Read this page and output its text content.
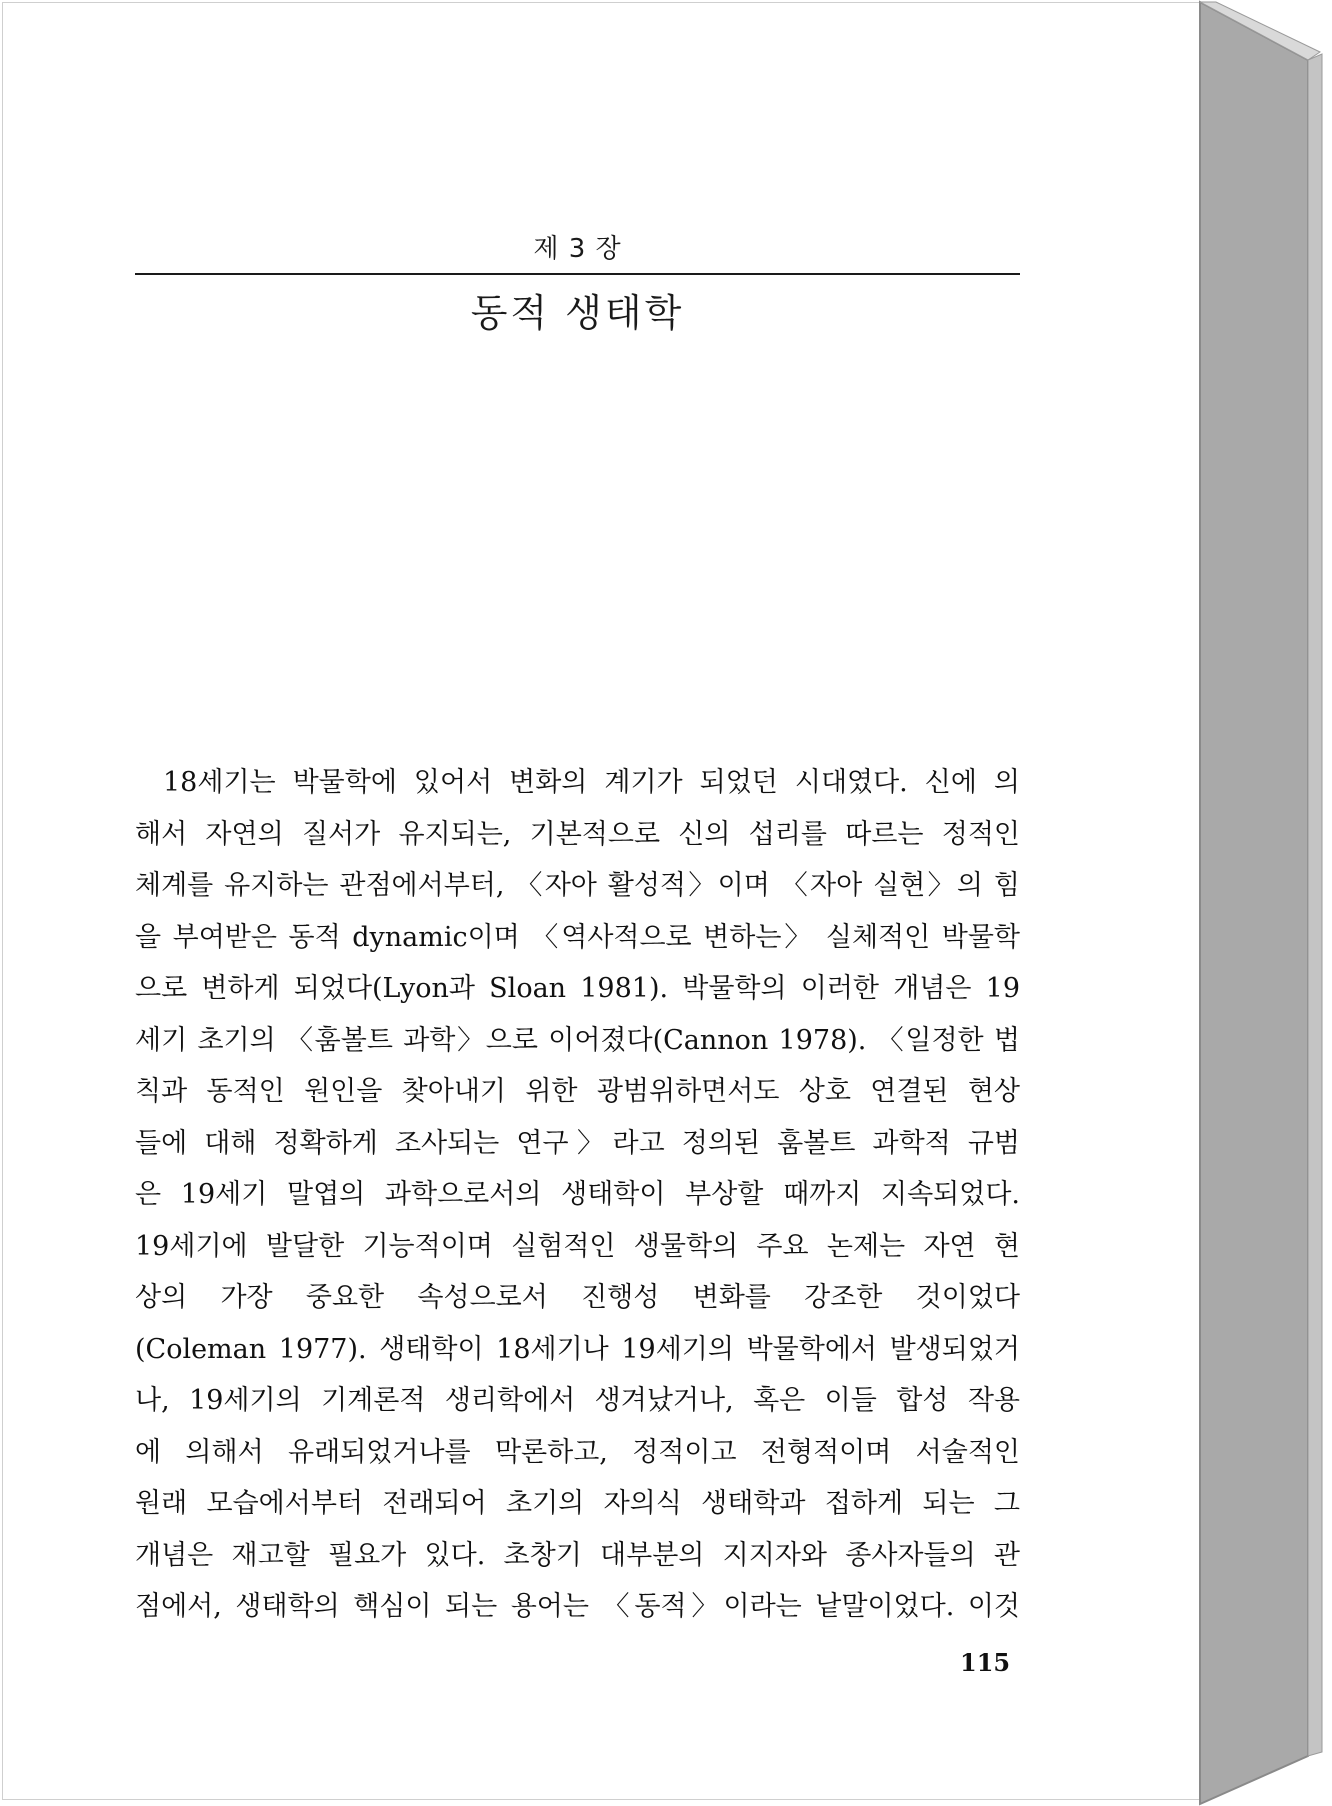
제 3 장
동적 생태학
18세기는 박물학에 있어서 변화의 계기가 되었던 시대였다. 신에 의
해서 자연의 질서가 유지되는, 기본적으로 신의 섭리를 따르는 정적인
체계를 유지하는 관점에서부터, 〈자아 활성적〉이며 〈자아 실현〉의 힘
을 부여받은 동적 dynamic이며 〈역사적으로 변하는〉 실체적인 박물학
으로 변하게 되었다(Lyon과 Sloan 1981). 박물학의 이러한 개념은 19
세기 초기의 〈훔볼트 과학〉으로 이어졌다(Cannon 1978). 〈일정한 법
칙과 동적인 원인을 찾아내기 위한 광범위하면서도 상호 연결된 현상
들에 대해 정확하게 조사되는 연구〉라고 정의된 훔볼트 과학적 규범
은 19세기 말엽의 과학으로서의 생태학이 부상할 때까지 지속되었다.
19세기에 발달한 기능적이며 실험적인 생물학의 주요 논제는 자연 현
상의 가장 중요한 속성으로서 진행성 변화를 강조한 것이었다
(Coleman 1977). 생태학이 18세기나 19세기의 박물학에서 발생되었거
나, 19세기의 기계론적 생리학에서 생겨났거나, 혹은 이들 합성 작용
에 의해서 유래되었거나를 막론하고, 정적이고 전형적이며 서술적인
원래 모습에서부터 전래되어 초기의 자의식 생태학과 접하게 되는 그
개념은 재고할 필요가 있다. 초창기 대부분의 지지자와 종사자들의 관
점에서, 생태학의 핵심이 되는 용어는 〈동적〉이라는 낱말이었다. 이것
115
